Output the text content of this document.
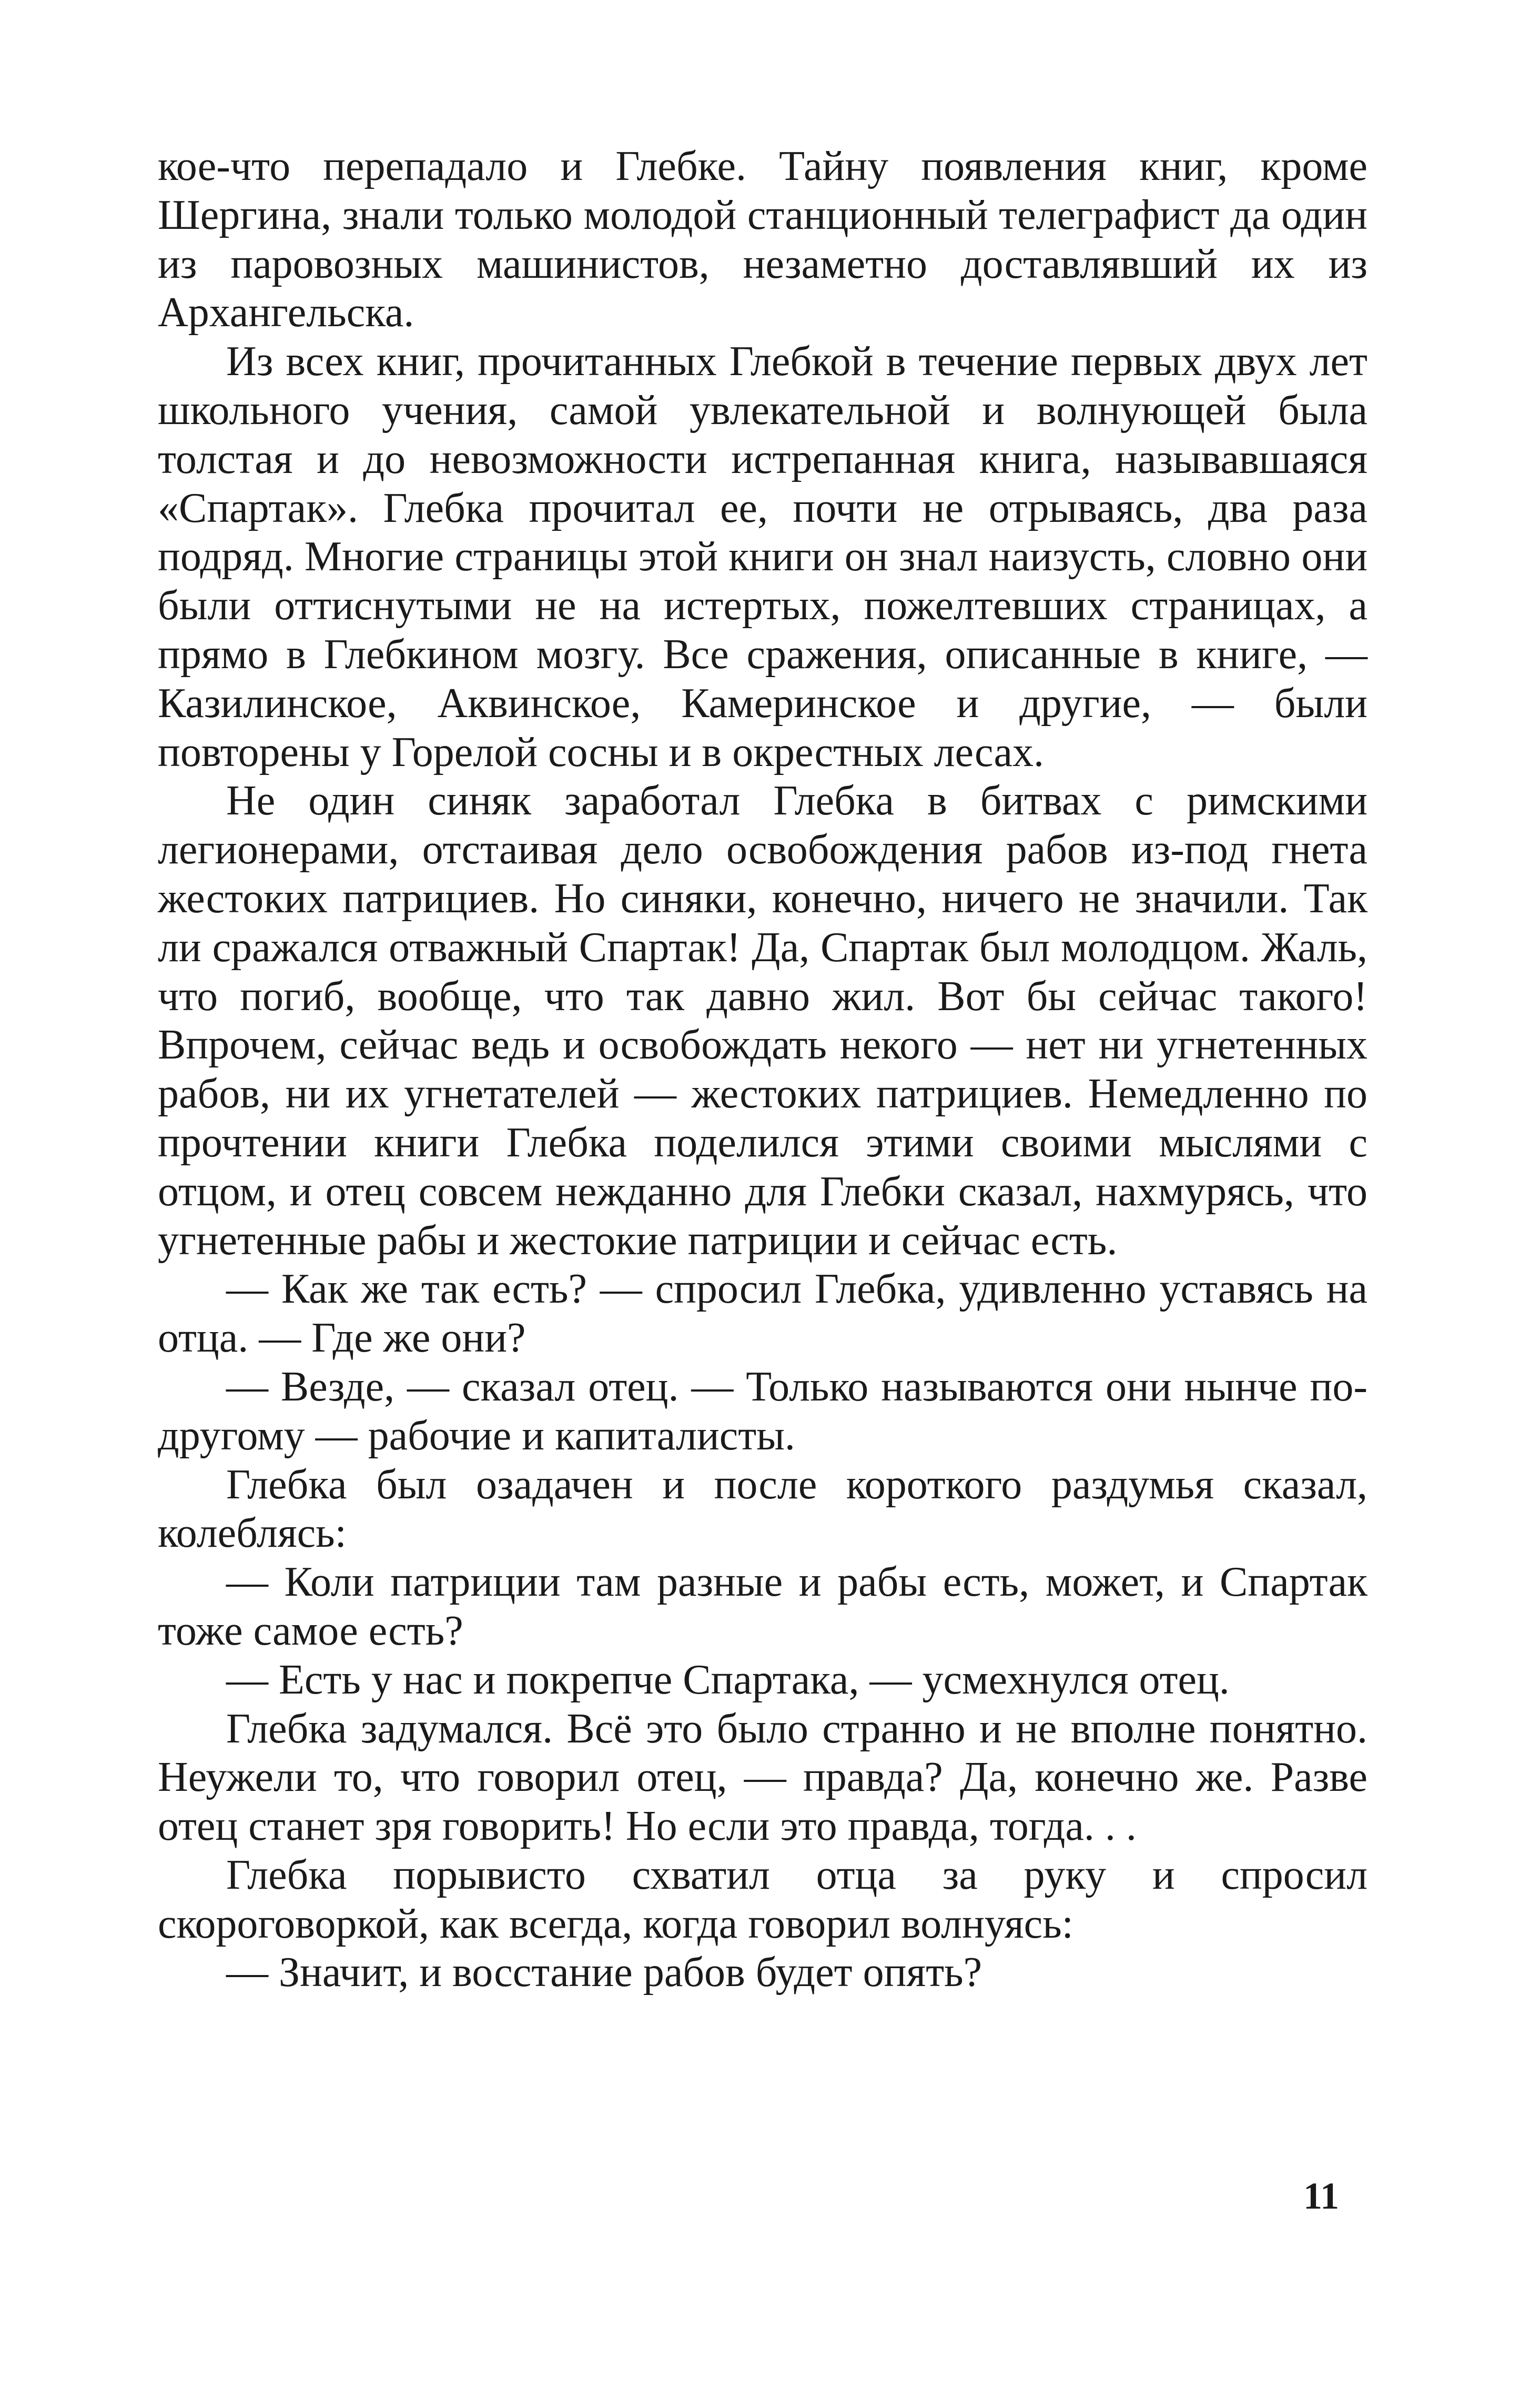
кое-что перепадало и Глебке. Тайну появления книг, кроме Шергина, знали только молодой станционный телеграфист да один из паровозных машинистов, незаметно доставлявший их из Архангельска.

Из всех книг, прочитанных Глебкой в течение первых двух лет школьного учения, самой увлекательной и волнующей была толстая и до невозможности истрепанная книга, называвшаяся «Спартак». Глебка прочитал ее, почти не отрываясь, два раза подряд. Многие страницы этой книги он знал наизусть, словно они были оттиснутыми не на истертых, пожелтевших страницах, а прямо в Глебкином мозгу. Все сражения, описанные в книге, — Казилинское, Аквинское, Камеринское и другие, — были повторены у Горелой сосны и в окрестных лесах.

Не один синяк заработал Глебка в битвах с римскими легионерами, отстаивая дело освобождения рабов из-под гнета жестоких патрициев. Но синяки, конечно, ничего не значили. Так ли сражался отважный Спартак! Да, Спартак был молодцом. Жаль, что погиб, вообще, что так давно жил. Вот бы сейчас такого! Впрочем, сейчас ведь и освобождать некого — нет ни угнетенных рабов, ни их угнетателей — жестоких патрициев. Немедленно по прочтении книги Глебка поделился этими своими мыслями с отцом, и отец совсем нежданно для Глебки сказал, нахмурясь, что угнетенные рабы и жестокие патриции и сейчас есть.

— Как же так есть? — спросил Глебка, удивленно уставясь на отца. — Где же они?

— Везде, — сказал отец. — Только называются они нынче по-другому — рабочие и капиталисты.

Глебка был озадачен и после короткого раздумья сказал, колеблясь:

— Коли патриции там разные и рабы есть, может, и Спартак тоже самое есть?

— Есть у нас и покрепче Спартака, — усмехнулся отец.

Глебка задумался. Всё это было странно и не вполне понятно. Неужели то, что говорил отец, — правда? Да, конечно же. Разве отец станет зря говорить! Но если это правда, тогда. . .

Глебка порывисто схватил отца за руку и спросил скороговоркой, как всегда, когда говорил волнуясь:

— Значит, и восстание рабов будет опять?

11
